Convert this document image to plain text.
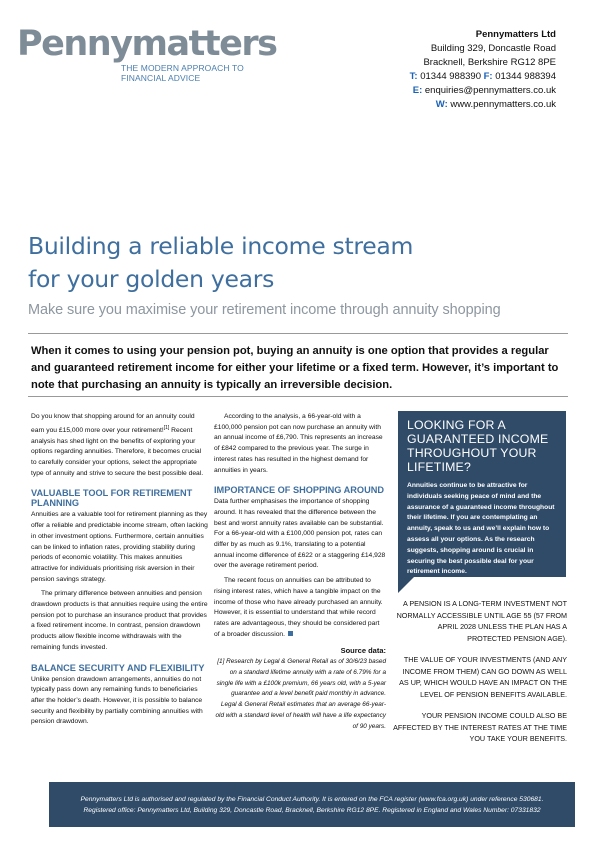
Pennymatters
THE MODERN APPROACH TO
FINANCIAL ADVICE
Pennymatters Ltd
Building 329, Doncastle Road
Bracknell, Berkshire RG12 8PE
T: 01344 988390 F: 01344 988394
E: enquiries@pennymatters.co.uk
W: www.pennymatters.co.uk
Building a reliable income stream
for your golden years
Make sure you maximise your retirement income through annuity shopping

When it comes to using your pension pot, buying an annuity is one option that provides a regular and guaranteed retirement income for either your lifetime or a fixed term. However, it’s important to note that purchasing an annuity is typically an irreversible decision.

Do you know that shopping around for an annuity could earn you £15,000 more over your retirement![1] Recent analysis has shed light on the benefits of exploring your options regarding annuities. Therefore, it becomes crucial to carefully consider your options, select the appropriate type of annuity and strive to secure the best possible deal.

VALUABLE TOOL FOR RETIREMENT PLANNING

Annuities are a valuable tool for retirement planning as they offer a reliable and predictable income stream, often lacking in other investment options. Furthermore, certain annuities can be linked to inflation rates, providing stability during periods of economic volatility. This makes annuities attractive for individuals prioritising risk aversion in their pension savings strategy.

The primary difference between annuities and pension drawdown products is that annuities require using the entire pension pot to purchase an insurance product that provides a fixed retirement income. In contrast, pension drawdown products allow flexible income withdrawals with the remaining funds invested.

BALANCE SECURITY AND FLEXIBILITY

Unlike pension drawdown arrangements, annuities do not typically pass down any remaining funds to beneficiaries after the holder’s death. However, it is possible to balance security and flexibility by partially combining annuities with pension drawdown.

According to the analysis, a 66-year-old with a £100,000 pension pot can now purchase an annuity with an annual income of £6,790. This represents an increase of £842 compared to the previous year. The surge in interest rates has resulted in the highest demand for annuities in years.

IMPORTANCE OF SHOPPING AROUND

Data further emphasises the importance of shopping around. It has revealed that the difference between the best and worst annuity rates available can be substantial. For a 66-year-old with a £100,000 pension pot, rates can differ by as much as 9.1%, translating to a potential annual income difference of £622 or a staggering £14,928 over the average retirement period.

The recent focus on annuities can be attributed to rising interest rates, which have a tangible impact on the income of those who have already purchased an annuity. However, it is essential to understand that while record rates are advantageous, they should be considered part of a broader discussion.

Source data:
[1] Research by Legal & General Retail as of 30/6/23 based on a standard lifetime annuity with a rate of 6.79% for a single life with a £100k premium, 66 years old, with a 5-year guarantee and a level benefit paid monthly in advance. Legal & General Retail estimates that an average 66-year-old with a standard level of health will have a life expectancy of 90 years.
LOOKING FOR A GUARANTEED INCOME THROUGHOUT YOUR LIFETIME?
Annuities continue to be attractive for individuals seeking peace of mind and the assurance of a guaranteed income throughout their lifetime. If you are contemplating an annuity, speak to us and we’ll explain how to assess all your options. As the research suggests, shopping around is crucial in securing the best possible deal for your retirement income.

A PENSION IS A LONG-TERM INVESTMENT NOT NORMALLY ACCESSIBLE UNTIL AGE 55 (57 FROM APRIL 2028 UNLESS THE PLAN HAS A PROTECTED PENSION AGE).

THE VALUE OF YOUR INVESTMENTS (AND ANY INCOME FROM THEM) CAN GO DOWN AS WELL AS UP, WHICH WOULD HAVE AN IMPACT ON THE LEVEL OF PENSION BENEFITS AVAILABLE.

YOUR PENSION INCOME COULD ALSO BE AFFECTED BY THE INTEREST RATES AT THE TIME YOU TAKE YOUR BENEFITS.

Pennymatters Ltd is authorised and regulated by the Financial Conduct Authority. It is entered on the FCA register (www.fca.org.uk) under reference 530681.
Registered office: Pennymatters Ltd, Building 329, Doncastle Road, Bracknell, Berkshire RG12 8PE. Registered in England and Wales Number: 07331832
